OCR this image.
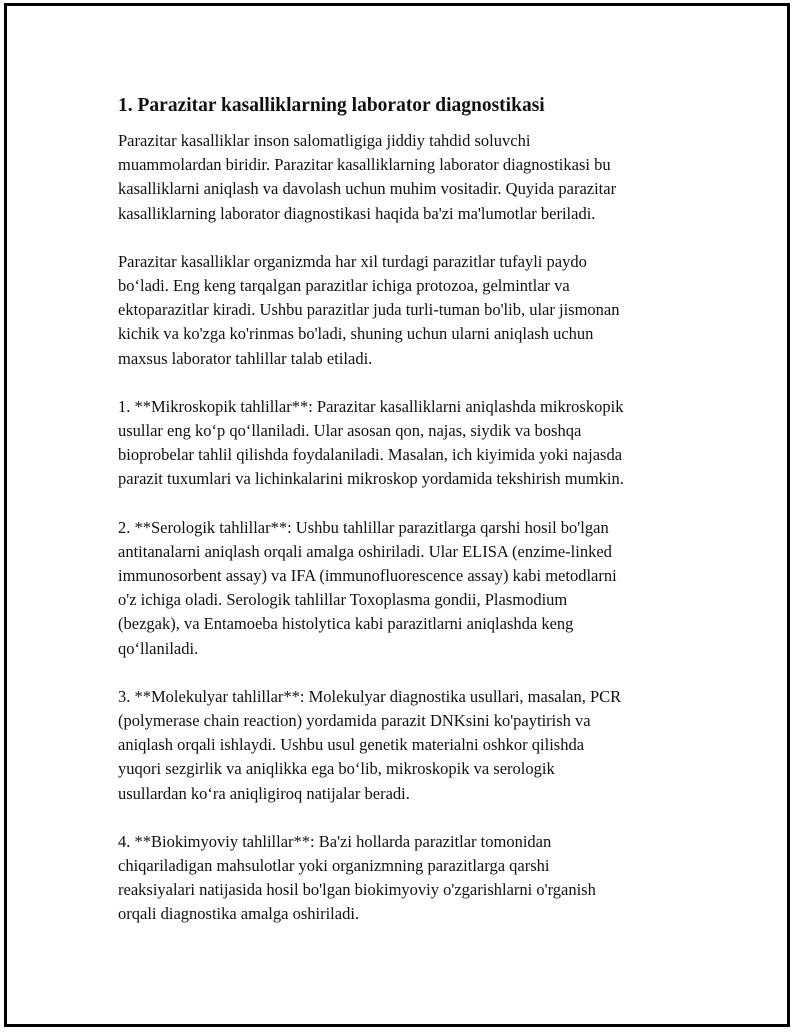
1. Parazitar kasalliklarning laborator diagnostikasi
Parazitar kasalliklar inson salomatligiga jiddiy tahdid soluvchi
muammolardan biridir. Parazitar kasalliklarning laborator diagnostikasi bu
kasalliklarni aniqlash va davolash uchun muhim vositadir. Quyida parazitar
kasalliklarning laborator diagnostikasi haqida ba'zi ma'lumotlar beriladi.
Parazitar kasalliklar organizmda har xil turdagi parazitlar tufayli paydo
bo‘ladi. Eng keng tarqalgan parazitlar ichiga protozoa, gelmintlar va
ektoparazitlar kiradi. Ushbu parazitlar juda turli-tuman bo'lib, ular jismonan
kichik va ko'zga ko'rinmas bo'ladi, shuning uchun ularni aniqlash uchun
maxsus laborator tahlillar talab etiladi.
1. **Mikroskopik tahlillar**: Parazitar kasalliklarni aniqlashda mikroskopik
usullar eng ko‘p qo‘llaniladi. Ular asosan qon, najas, siydik va boshqa
bioprobelar tahlil qilishda foydalaniladi. Masalan, ich kiyimida yoki najasda
parazit tuxumlari va lichinkalarini mikroskop yordamida tekshirish mumkin.
2. **Serologik tahlillar**: Ushbu tahlillar parazitlarga qarshi hosil bo'lgan
antitanalarni aniqlash orqali amalga oshiriladi. Ular ELISA (enzime-linked
immunosorbent assay) va IFA (immunofluorescence assay) kabi metodlarni
o'z ichiga oladi. Serologik tahlillar Toxoplasma gondii, Plasmodium
(bezgak), va Entamoeba histolytica kabi parazitlarni aniqlashda keng
qo‘llaniladi.
3. **Molekulyar tahlillar**: Molekulyar diagnostika usullari, masalan, PCR
(polymerase chain reaction) yordamida parazit DNKsini ko'paytirish va
aniqlash orqali ishlaydi. Ushbu usul genetik materialni oshkor qilishda
yuqori sezgirlik va aniqlikka ega bo‘lib, mikroskopik va serologik
usullardan ko‘ra aniqligiroq natijalar beradi.
4. **Biokimyoviy tahlillar**: Ba'zi hollarda parazitlar tomonidan
chiqariladigan mahsulotlar yoki organizmning parazitlarga qarshi
reaksiyalari natijasida hosil bo'lgan biokimyoviy o'zgarishlarni o'rganish
orqali diagnostika amalga oshiriladi.
